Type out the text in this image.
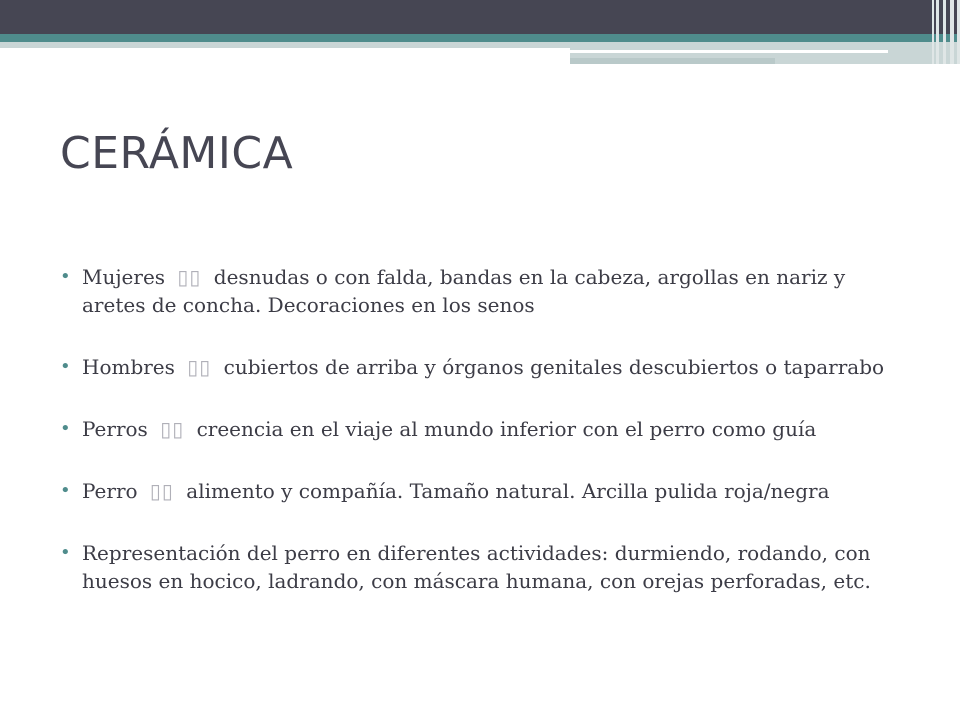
CERÁMICA
• Mujeres ▯▯ desnudas o con falda, bandas en la cabeza, argollas en nariz y aretes de concha. Decoraciones en los senos
• Hombres ▯▯ cubiertos de arriba y órganos genitales descubiertos o taparrabo
• Perros ▯▯ creencia en el viaje al mundo inferior con el perro como guía
• Perro ▯▯ alimento y compañía. Tamaño natural. Arcilla pulida roja/negra
• Representación del perro en diferentes actividades: durmiendo, rodando, con huesos en hocico, ladrando, con máscara humana, con orejas perforadas, etc.
